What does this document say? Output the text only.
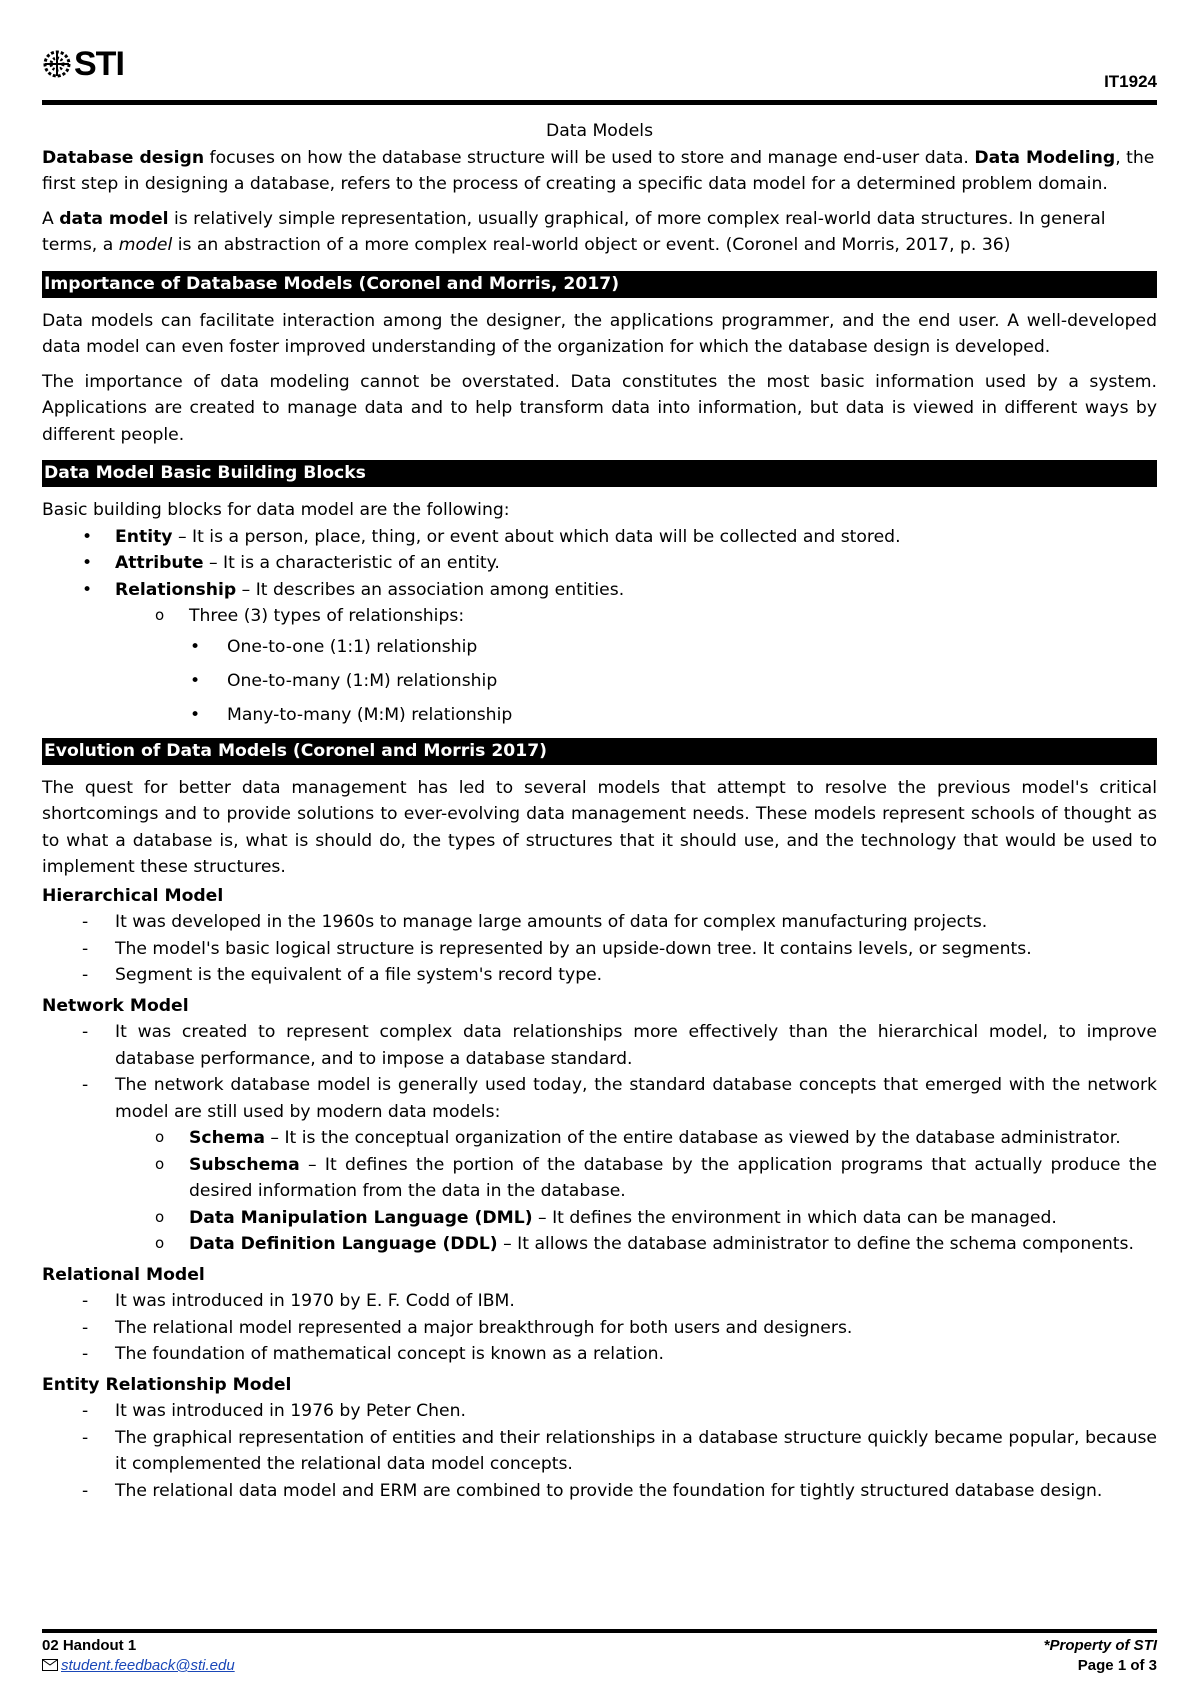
STI	IT1924
Data Models

Database design focuses on how the database structure will be used to store and manage end-user data. Data Modeling, the first step in designing a database, refers to the process of creating a specific data model for a determined problem domain.

A data model is relatively simple representation, usually graphical, of more complex real-world data structures. In general terms, a model is an abstraction of a more complex real-world object or event. (Coronel and Morris, 2017, p. 36)

Importance of Database Models (Coronel and Morris, 2017)

Data models can facilitate interaction among the designer, the applications programmer, and the end user. A well-developed data model can even foster improved understanding of the organization for which the database design is developed.

The importance of data modeling cannot be overstated. Data constitutes the most basic information used by a system. Applications are created to manage data and to help transform data into information, but data is viewed in different ways by different people.

Data Model Basic Building Blocks

Basic building blocks for data model are the following:

• Entity – It is a person, place, thing, or event about which data will be collected and stored.
• Attribute – It is a characteristic of an entity.
• Relationship – It describes an association among entities.
o Three (3) types of relationships:
• One-to-one (1:1) relationship
• One-to-many (1:M) relationship
• Many-to-many (M:M) relationship
Evolution of Data Models (Coronel and Morris 2017)

The quest for better data management has led to several models that attempt to resolve the previous model's critical shortcomings and to provide solutions to ever-evolving data management needs. These models represent schools of thought as to what a database is, what is should do, the types of structures that it should use, and the technology that would be used to implement these structures.

Hierarchical Model

- It was developed in the 1960s to manage large amounts of data for complex manufacturing projects.
- The model's basic logical structure is represented by an upside-down tree. It contains levels, or segments.
- Segment is the equivalent of a file system's record type.

Network Model

- It was created to represent complex data relationships more effectively than the hierarchical model, to improve database performance, and to impose a database standard.
- The network database model is generally used today, the standard database concepts that emerged with the network model are still used by modern data models:
o Schema – It is the conceptual organization of the entire database as viewed by the database administrator.
o Subschema – It defines the portion of the database by the application programs that actually produce the desired information from the data in the database.
o Data Manipulation Language (DML) – It defines the environment in which data can be managed.
o Data Definition Language (DDL) – It allows the database administrator to define the schema components.

Relational Model

- It was introduced in 1970 by E. F. Codd of IBM.
- The relational model represented a major breakthrough for both users and designers.
- The foundation of mathematical concept is known as a relation.

Entity Relationship Model

- It was introduced in 1976 by Peter Chen.
- The graphical representation of entities and their relationships in a database structure quickly became popular, because it complemented the relational data model concepts.
- The relational data model and ERM are combined to provide the foundation for tightly structured database design.
02 Handout 1
student.feedback@sti.edu
*Property of STI
Page 1 of 3
